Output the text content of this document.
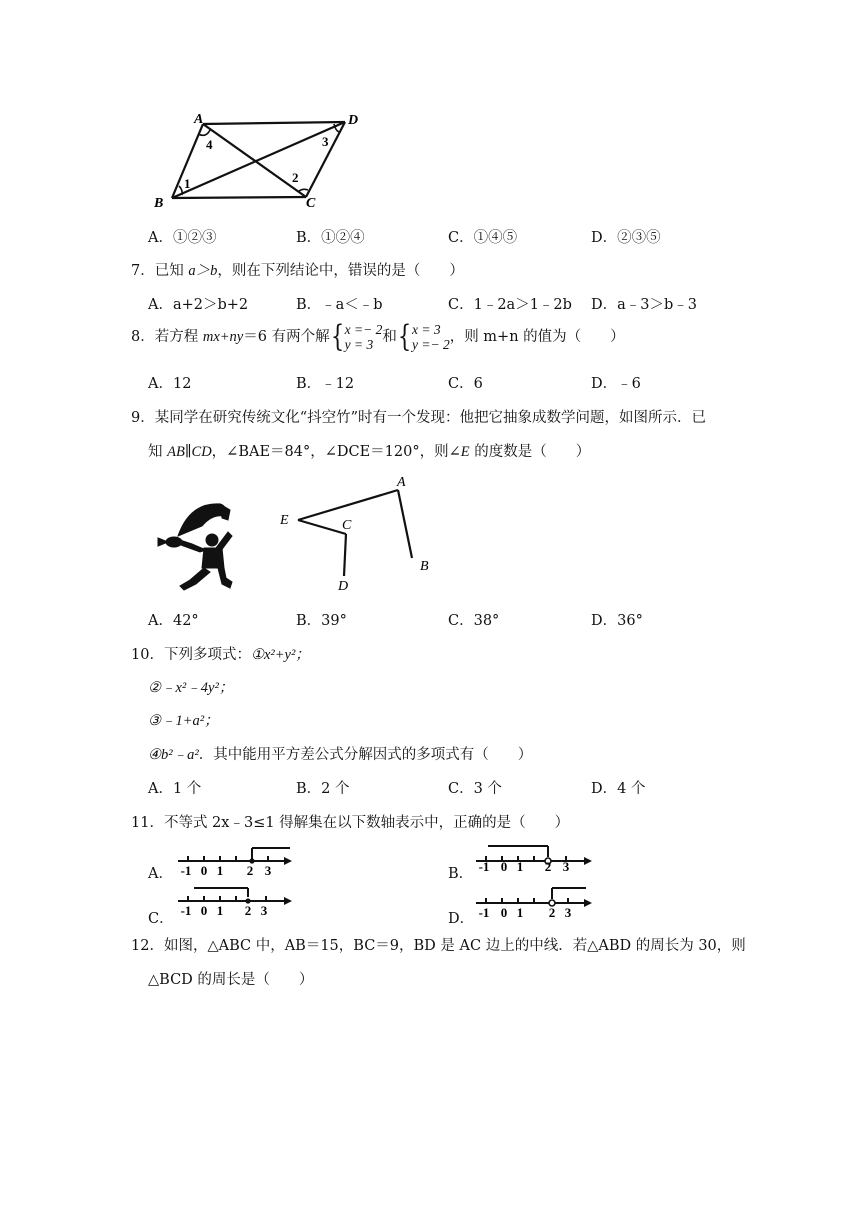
A	D
B	C
4	3
1	2
A．①②③	B．①②④	C．①④⑤	D．②③⑤
7．已知 a＞b，则在下列结论中，错误的是（　　）
A．a+2＞b+2	B．﹣a＜﹣b	C．1﹣2a＞1﹣2b D．a﹣3＞b﹣3
8．若方程 mx+ny＝6 有两个解{x =− 2
y = 3 和{x = 3
y =− 2，则 m+n 的值为（　　）
A．12	B．﹣12	C．6	D．﹣6
9．某同学在研究传统文化“抖空竹”时有一个发现：他把它抽象成数学问题，如图所示．已
知 AB∥CD，∠BAE＝84°，∠DCE＝120°，则∠E 的度数是（　　）
A
E	C
B
D
A．42°	B．39°	C．38°	D．36°
10．下列多项式：①x²+y²；
②﹣x²﹣4y²；
③﹣1+a²；
④b²﹣a²．其中能用平方差公式分解因式的多项式有（　　）
A．1 个	B．2 个	C．3 个	D．4 个
11．不等式 2x﹣3≤1 得解集在以下数轴表示中，正确的是（　　）
A．	B．
C．	D．
-1 0 1 2 3	-1 0 1 2 3
-1 0 1 2 3	-1 0 1 2 3
12．如图，△ABC 中，AB＝15，BC＝9，BD 是 AC 边上的中线．若△ABD 的周长为 30，则
△BCD 的周长是（　　）
